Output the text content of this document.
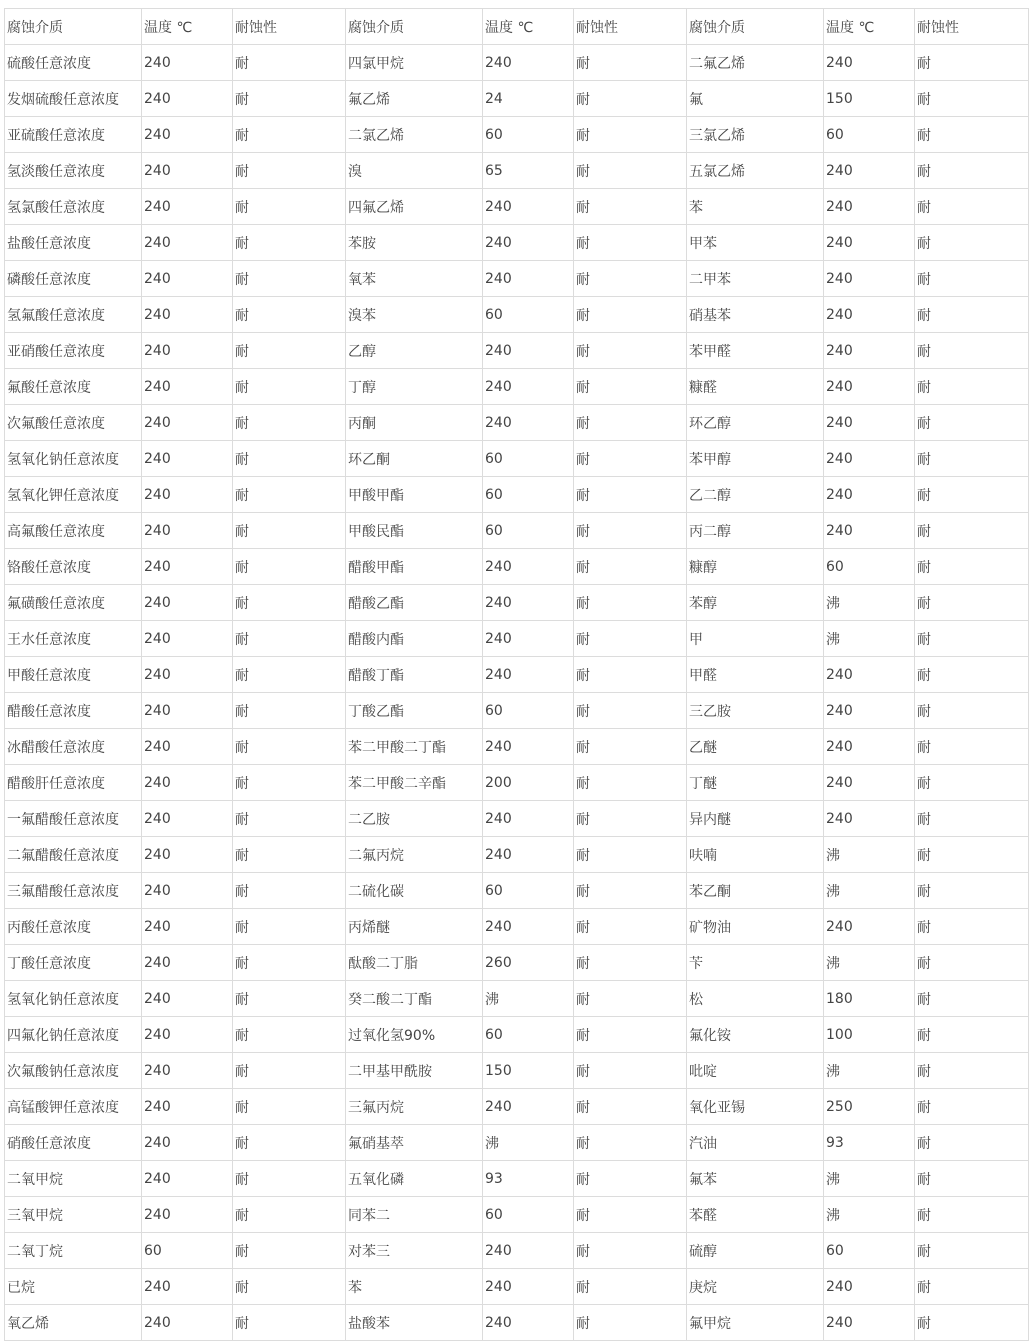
腐蚀介质	温度 ℃	耐蚀性	腐蚀介质	温度 ℃	耐蚀性	腐蚀介质	温度 ℃	耐蚀性
硫酸任意浓度	240	耐	四氯甲烷	240	耐	二氟乙烯	240	耐
发烟硫酸任意浓度	240	耐	氟乙烯	24	耐	氟	150	耐
亚硫酸任意浓度	240	耐	二氯乙烯	60	耐	三氯乙烯	60	耐
氢淡酸任意浓度	240	耐	溴	65	耐	五氯乙烯	240	耐
氢氯酸任意浓度	240	耐	四氟乙烯	240	耐	苯	240	耐
盐酸任意浓度	240	耐	苯胺	240	耐	甲苯	240	耐
磷酸任意浓度	240	耐	氧苯	240	耐	二甲苯	240	耐
氢氟酸任意浓度	240	耐	溴苯	60	耐	硝基苯	240	耐
亚硝酸任意浓度	240	耐	乙醇	240	耐	苯甲醛	240	耐
氟酸任意浓度	240	耐	丁醇	240	耐	糠醛	240	耐
次氟酸任意浓度	240	耐	丙酮	240	耐	环乙醇	240	耐
氢氧化钠任意浓度	240	耐	环乙酮	60	耐	苯甲醇	240	耐
氢氧化钾任意浓度	240	耐	甲酸甲酯	60	耐	乙二醇	240	耐
高氟酸任意浓度	240	耐	甲酸民酯	60	耐	丙二醇	240	耐
铬酸任意浓度	240	耐	醋酸甲酯	240	耐	糠醇	60	耐
氟磺酸任意浓度	240	耐	醋酸乙酯	240	耐	苯醇	沸	耐
王水任意浓度	240	耐	醋酸内酯	240	耐	甲	沸	耐
甲酸任意浓度	240	耐	醋酸丁酯	240	耐	甲醛	240	耐
醋酸任意浓度	240	耐	丁酸乙酯	60	耐	三乙胺	240	耐
冰醋酸任意浓度	240	耐	苯二甲酸二丁酯	240	耐	乙醚	240	耐
醋酸肝任意浓度	240	耐	苯二甲酸二辛酯	200	耐	丁醚	240	耐
一氟醋酸任意浓度	240	耐	二乙胺	240	耐	异内醚	240	耐
二氟醋酸任意浓度	240	耐	二氟丙烷	240	耐	呋喃	沸	耐
三氟醋酸任意浓度	240	耐	二硫化碳	60	耐	苯乙酮	沸	耐
丙酸任意浓度	240	耐	丙烯醚	240	耐	矿物油	240	耐
丁酸任意浓度	240	耐	酞酸二丁脂	260	耐	苄	沸	耐
氢氧化钠任意浓度	240	耐	癸二酸二丁酯	沸	耐	松	180	耐
四氟化钠任意浓度	240	耐	过氧化氢90%	60	耐	氟化铵	100	耐
次氟酸钠任意浓度	240	耐	二甲基甲酰胺	150	耐	吡啶	沸	耐
高锰酸钾任意浓度	240	耐	三氟丙烷	240	耐	氧化亚锡	250	耐
硝酸任意浓度	240	耐	氟硝基萃	沸	耐	汽油	93	耐
二氧甲烷	240	耐	五氧化磷	93	耐	氟苯	沸	耐
三氧甲烷	240	耐	同苯二	60	耐	苯醛	沸	耐
二氧丁烷	60	耐	对苯三	240	耐	硫醇	60	耐
已烷	240	耐	苯	240	耐	庚烷	240	耐
氧乙烯	240	耐	盐酸苯	240	耐	氟甲烷	240	耐
